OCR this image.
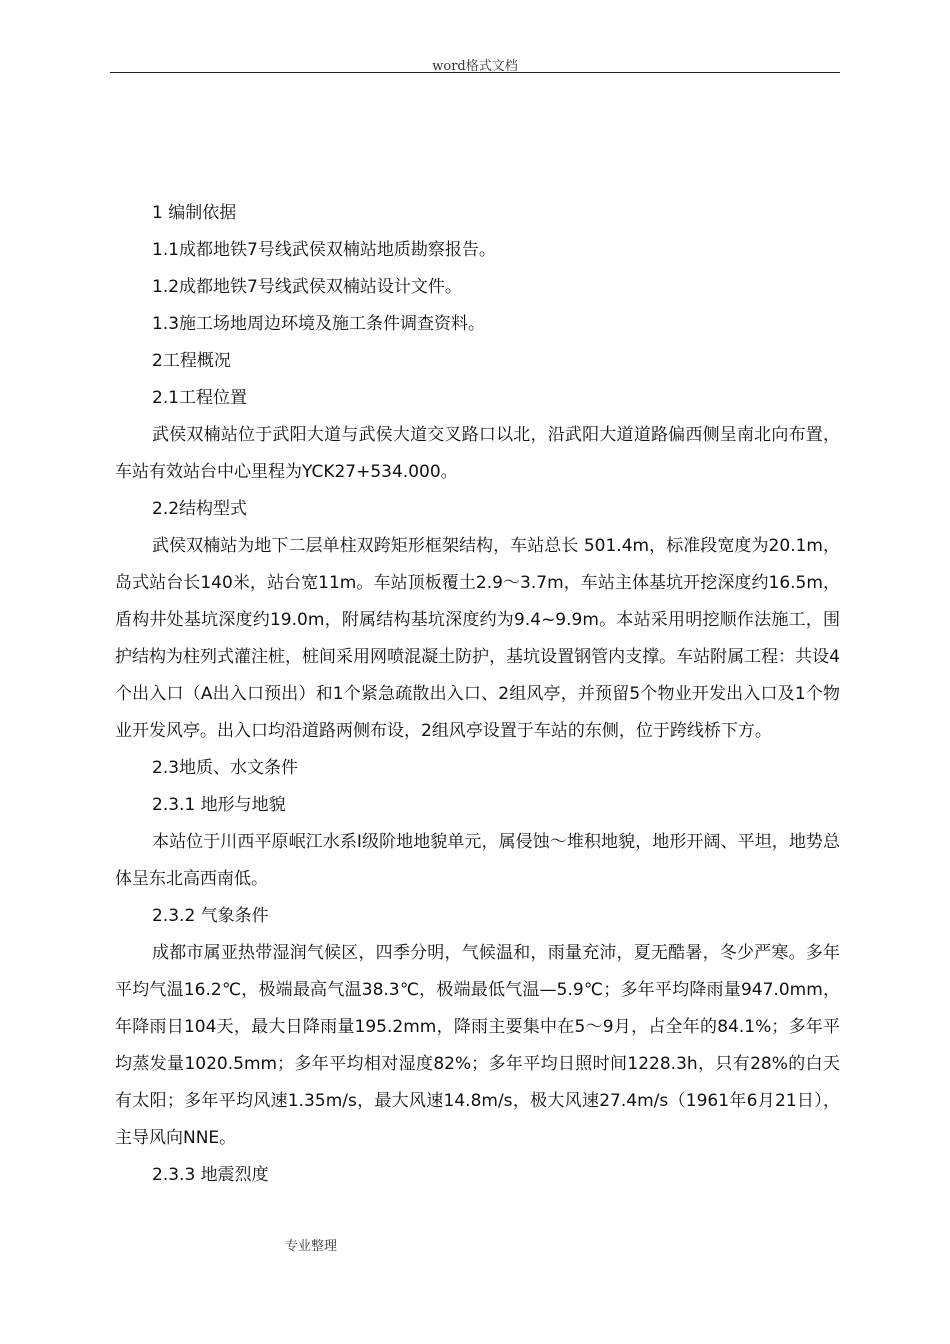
word格式文档
1 编制依据
1.1成都地铁7号线武侯双楠站地质勘察报告。
1.2成都地铁7号线武侯双楠站设计文件。
1.3施工场地周边环境及施工条件调查资料。
2工程概况
2.1工程位置
武侯双楠站位于武阳大道与武侯大道交叉路口以北，沿武阳大道道路偏西侧呈南北向布置，车站有效站台中心里程为YCK27+534.000。
2.2结构型式
武侯双楠站为地下二层单柱双跨矩形框架结构，车站总长 501.4m，标准段宽度为20.1m，岛式站台长140米，站台宽11m。车站顶板覆土2.9～3.7m，车站主体基坑开挖深度约16.5m，盾构井处基坑深度约19.0m，附属结构基坑深度约为9.4~9.9m。本站采用明挖顺作法施工，围护结构为柱列式灌注桩，桩间采用网喷混凝土防护，基坑设置钢管内支撑。车站附属工程：共设4个出入口（A出入口预出）和1个紧急疏散出入口、2组风亭，并预留5个物业开发出入口及1个物业开发风亭。出入口均沿道路两侧布设，2组风亭设置于车站的东侧，位于跨线桥下方。
2.3地质、水文条件
2.3.1 地形与地貌
本站位于川西平原岷江水系Ⅰ级阶地地貌单元，属侵蚀～堆积地貌，地形开阔、平坦，地势总体呈东北高西南低。
2.3.2 气象条件
成都市属亚热带湿润气候区，四季分明，气候温和，雨量充沛，夏无酷暑，冬少严寒。多年平均气温16.2℃，极端最高气温38.3℃，极端最低气温—5.9℃；多年平均降雨量947.0mm，年降雨日104天，最大日降雨量195.2mm，降雨主要集中在5～9月，占全年的84.1%；多年平均蒸发量1020.5mm；多年平均相对湿度82%；多年平均日照时间1228.3h，只有28%的白天有太阳；多年平均风速1.35m/s，最大风速14.8m/s，极大风速27.4m/s（1961年6月21日），主导风向NNE。
2.3.3 地震烈度
专业整理
